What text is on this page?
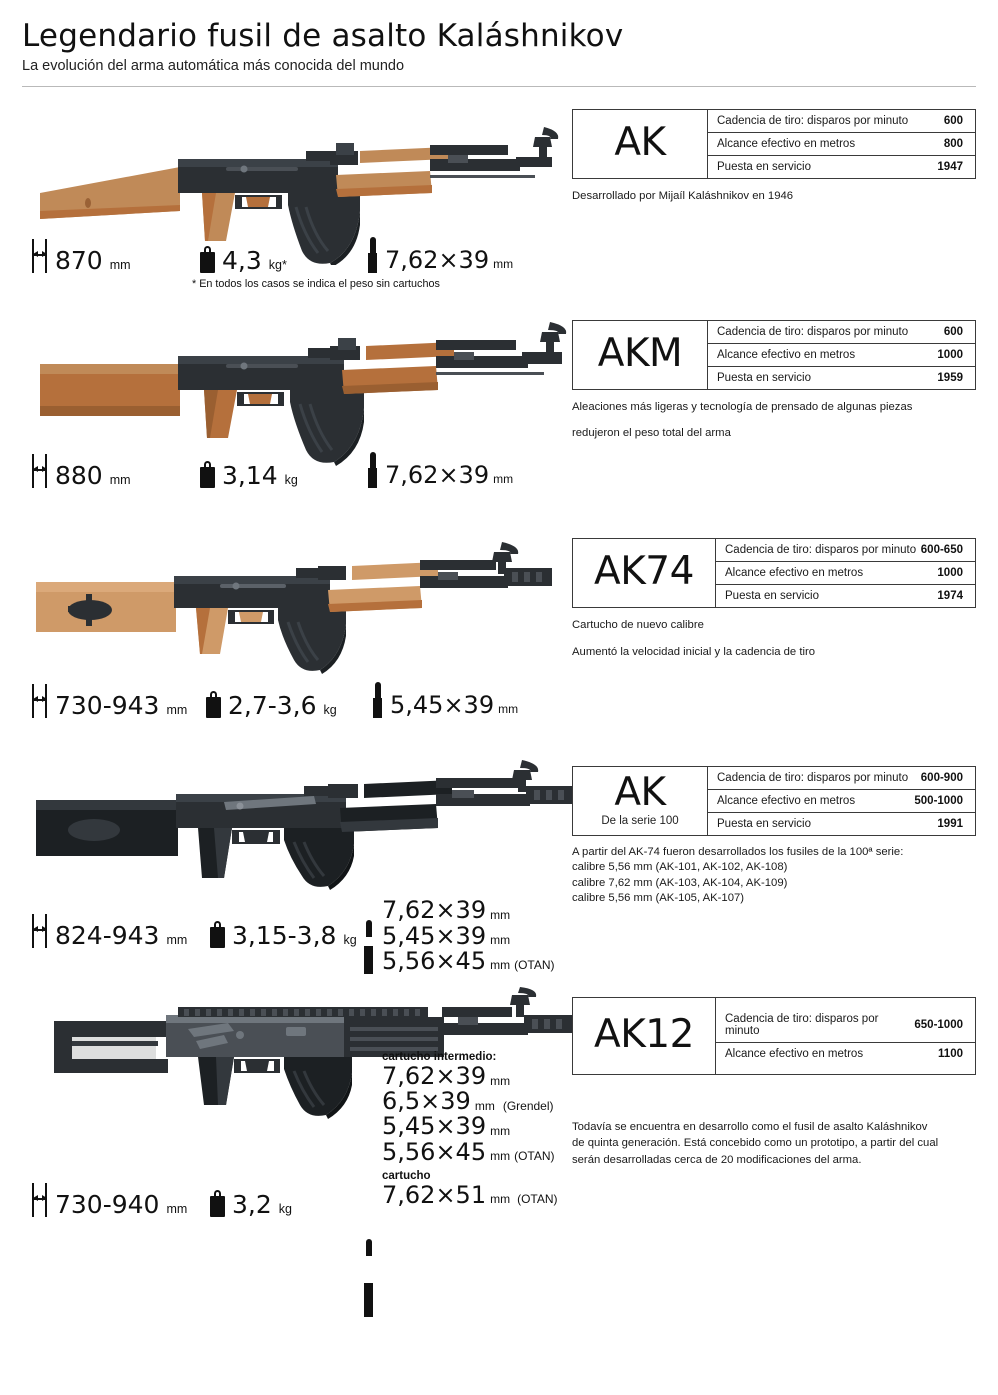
Legendario fusil de asalto Kaláshnikov
La evolución del arma automática más conocida del mundo
870 mm	4,3 kg*	7,62×39 mm
* En todos los casos se indica el peso sin cartuchos
AK	Cadencia de tiro: disparos por minuto	600
Alcance efectivo en metros	800
Puesta en servicio	1947
Desarrollado por Mijaíl Kaláshnikov en 1946
880 mm	3,14 kg	7,62×39 mm
AKM	Cadencia de tiro: disparos por minuto	600
Alcance efectivo en metros	1000
Puesta en servicio	1959
Aleaciones más ligeras y tecnología de prensado de algunas piezas
redujeron el peso total del arma
730-943 mm 2,7-3,6 kg 5,45×39 mm
AK74	Cadencia de tiro: disparos por minuto 600-650
Alcance efectivo en metros	1000
Puesta en servicio	1974
Cartucho de nuevo calibre
Aumentó la velocidad inicial y la cadencia de tiro
7,62×39 mm
5,45×39 mm
5,56×45 mm (OTAN)
824-943 mm 3,15-3,8 kg
AK
De la serie 100
Cadencia de tiro: disparos por minuto 600-900
Alcance efectivo en metros	500-1000
Puesta en servicio	1991
A partir del AK-74 fueron desarrollados los fusiles de la 100ª serie:
calibre 5,56 mm (AK-101, AK-102, AK-108)
calibre 7,62 mm (AK-103, AK-104, AK-109)
calibre 5,56 mm (AK-105, AK-107)
cartucho intermedio:
7,62×39 mm
6,5×39 mm (Grendel)
5,45×39 mm
5,56×45 mm (OTAN)
cartucho
7,62×51 mm (OTAN)
730-940 mm 3,2 kg
AK12	Cadencia de tiro: disparos por minuto	650-1000
Alcance efectivo en metros	1100
Todavía se encuentra en desarrollo como el fusil de asalto Kaláshnikov
de quinta generación. Está concebido como un prototipo, a partir del cual
serán desarrolladas cerca de 20 modificaciones del arma.
